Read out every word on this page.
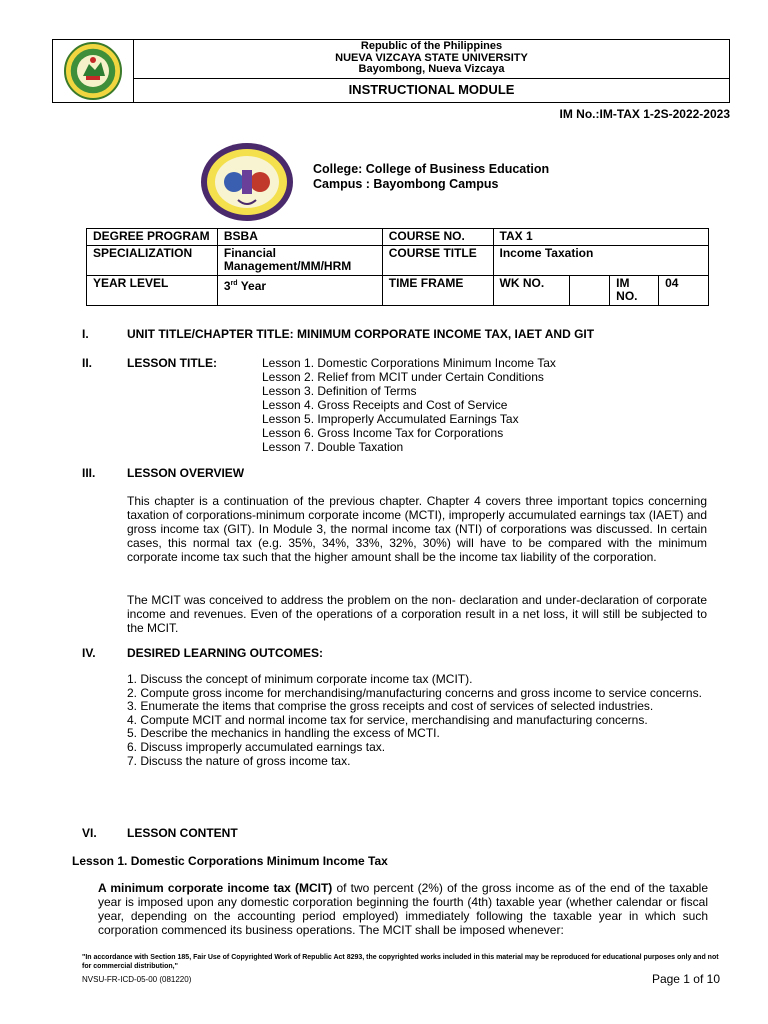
Republic of the Philippines
NUEVA VIZCAYA STATE UNIVERSITY
Bayombong, Nueva Vizcaya
INSTRUCTIONAL MODULE
IM No.:IM-TAX 1-2S-2022-2023
College: College of Business Education
Campus : Bayombong Campus
DEGREE PROGRAM	BSBA	COURSE NO.	TAX 1			
SPECIALIZATION	Financial Management/MM/HRM	COURSE TITLE	Income Taxation			
YEAR LEVEL	3rd Year	TIME FRAME	WK NO.		IM NO.	04
I.	UNIT TITLE/CHAPTER TITLE: MINIMUM CORPORATE INCOME TAX, IAET AND GIT
II.	LESSON TITLE:	Lesson 1. Domestic Corporations Minimum Income Tax
Lesson 2. Relief from MCIT under Certain Conditions
Lesson 3. Definition of Terms
Lesson 4. Gross Receipts and Cost of Service
Lesson 5. Improperly Accumulated Earnings Tax
Lesson 6. Gross Income Tax for Corporations
Lesson 7. Double Taxation
III.	LESSON OVERVIEW
This chapter is a continuation of the previous chapter. Chapter 4 covers three important topics concerning taxation of corporations-minimum corporate income (MCTI), improperly accumulated earnings tax (IAET) and gross income tax (GIT). In Module 3, the normal income tax (NTI) of corporations was discussed. In certain cases, this normal tax (e.g. 35%, 34%, 33%, 32%, 30%) will have to be compared with the minimum corporate income tax such that the higher amount shall be the income tax liability of the corporation.
The MCIT was conceived to address the problem on the non- declaration and under-declaration of corporate income and revenues. Even of the operations of a corporation result in a net loss, it will still be subjected to the MCIT.
IV.	DESIRED LEARNING OUTCOMES:
1. Discuss the concept of minimum corporate income tax (MCIT).
2. Compute gross income for merchandising/manufacturing concerns and gross income to service concerns.
3. Enumerate the items that comprise the gross receipts and cost of services of selected industries.
4. Compute MCIT and normal income tax for service, merchandising and manufacturing concerns.
5. Describe the mechanics in handling the excess of MCTI.
6. Discuss improperly accumulated earnings tax.
7. Discuss the nature of gross income tax.
VI.	LESSON CONTENT
Lesson 1. Domestic Corporations Minimum Income Tax
A minimum corporate income tax (MCIT) of two percent (2%) of the gross income as of the end of the taxable year is imposed upon any domestic corporation beginning the fourth (4th) taxable year (whether calendar or fiscal year, depending on the accounting period employed) immediately following the taxable year in which such corporation commenced its business operations. The MCIT shall be imposed whenever:
"In accordance with Section 185, Fair Use of Copyrighted Work of Republic Act 8293, the copyrighted works included in this material may be reproduced for educational purposes only and not for commercial distribution,"
NVSU-FR-ICD-05-00 (081220)	Page 1 of 10
